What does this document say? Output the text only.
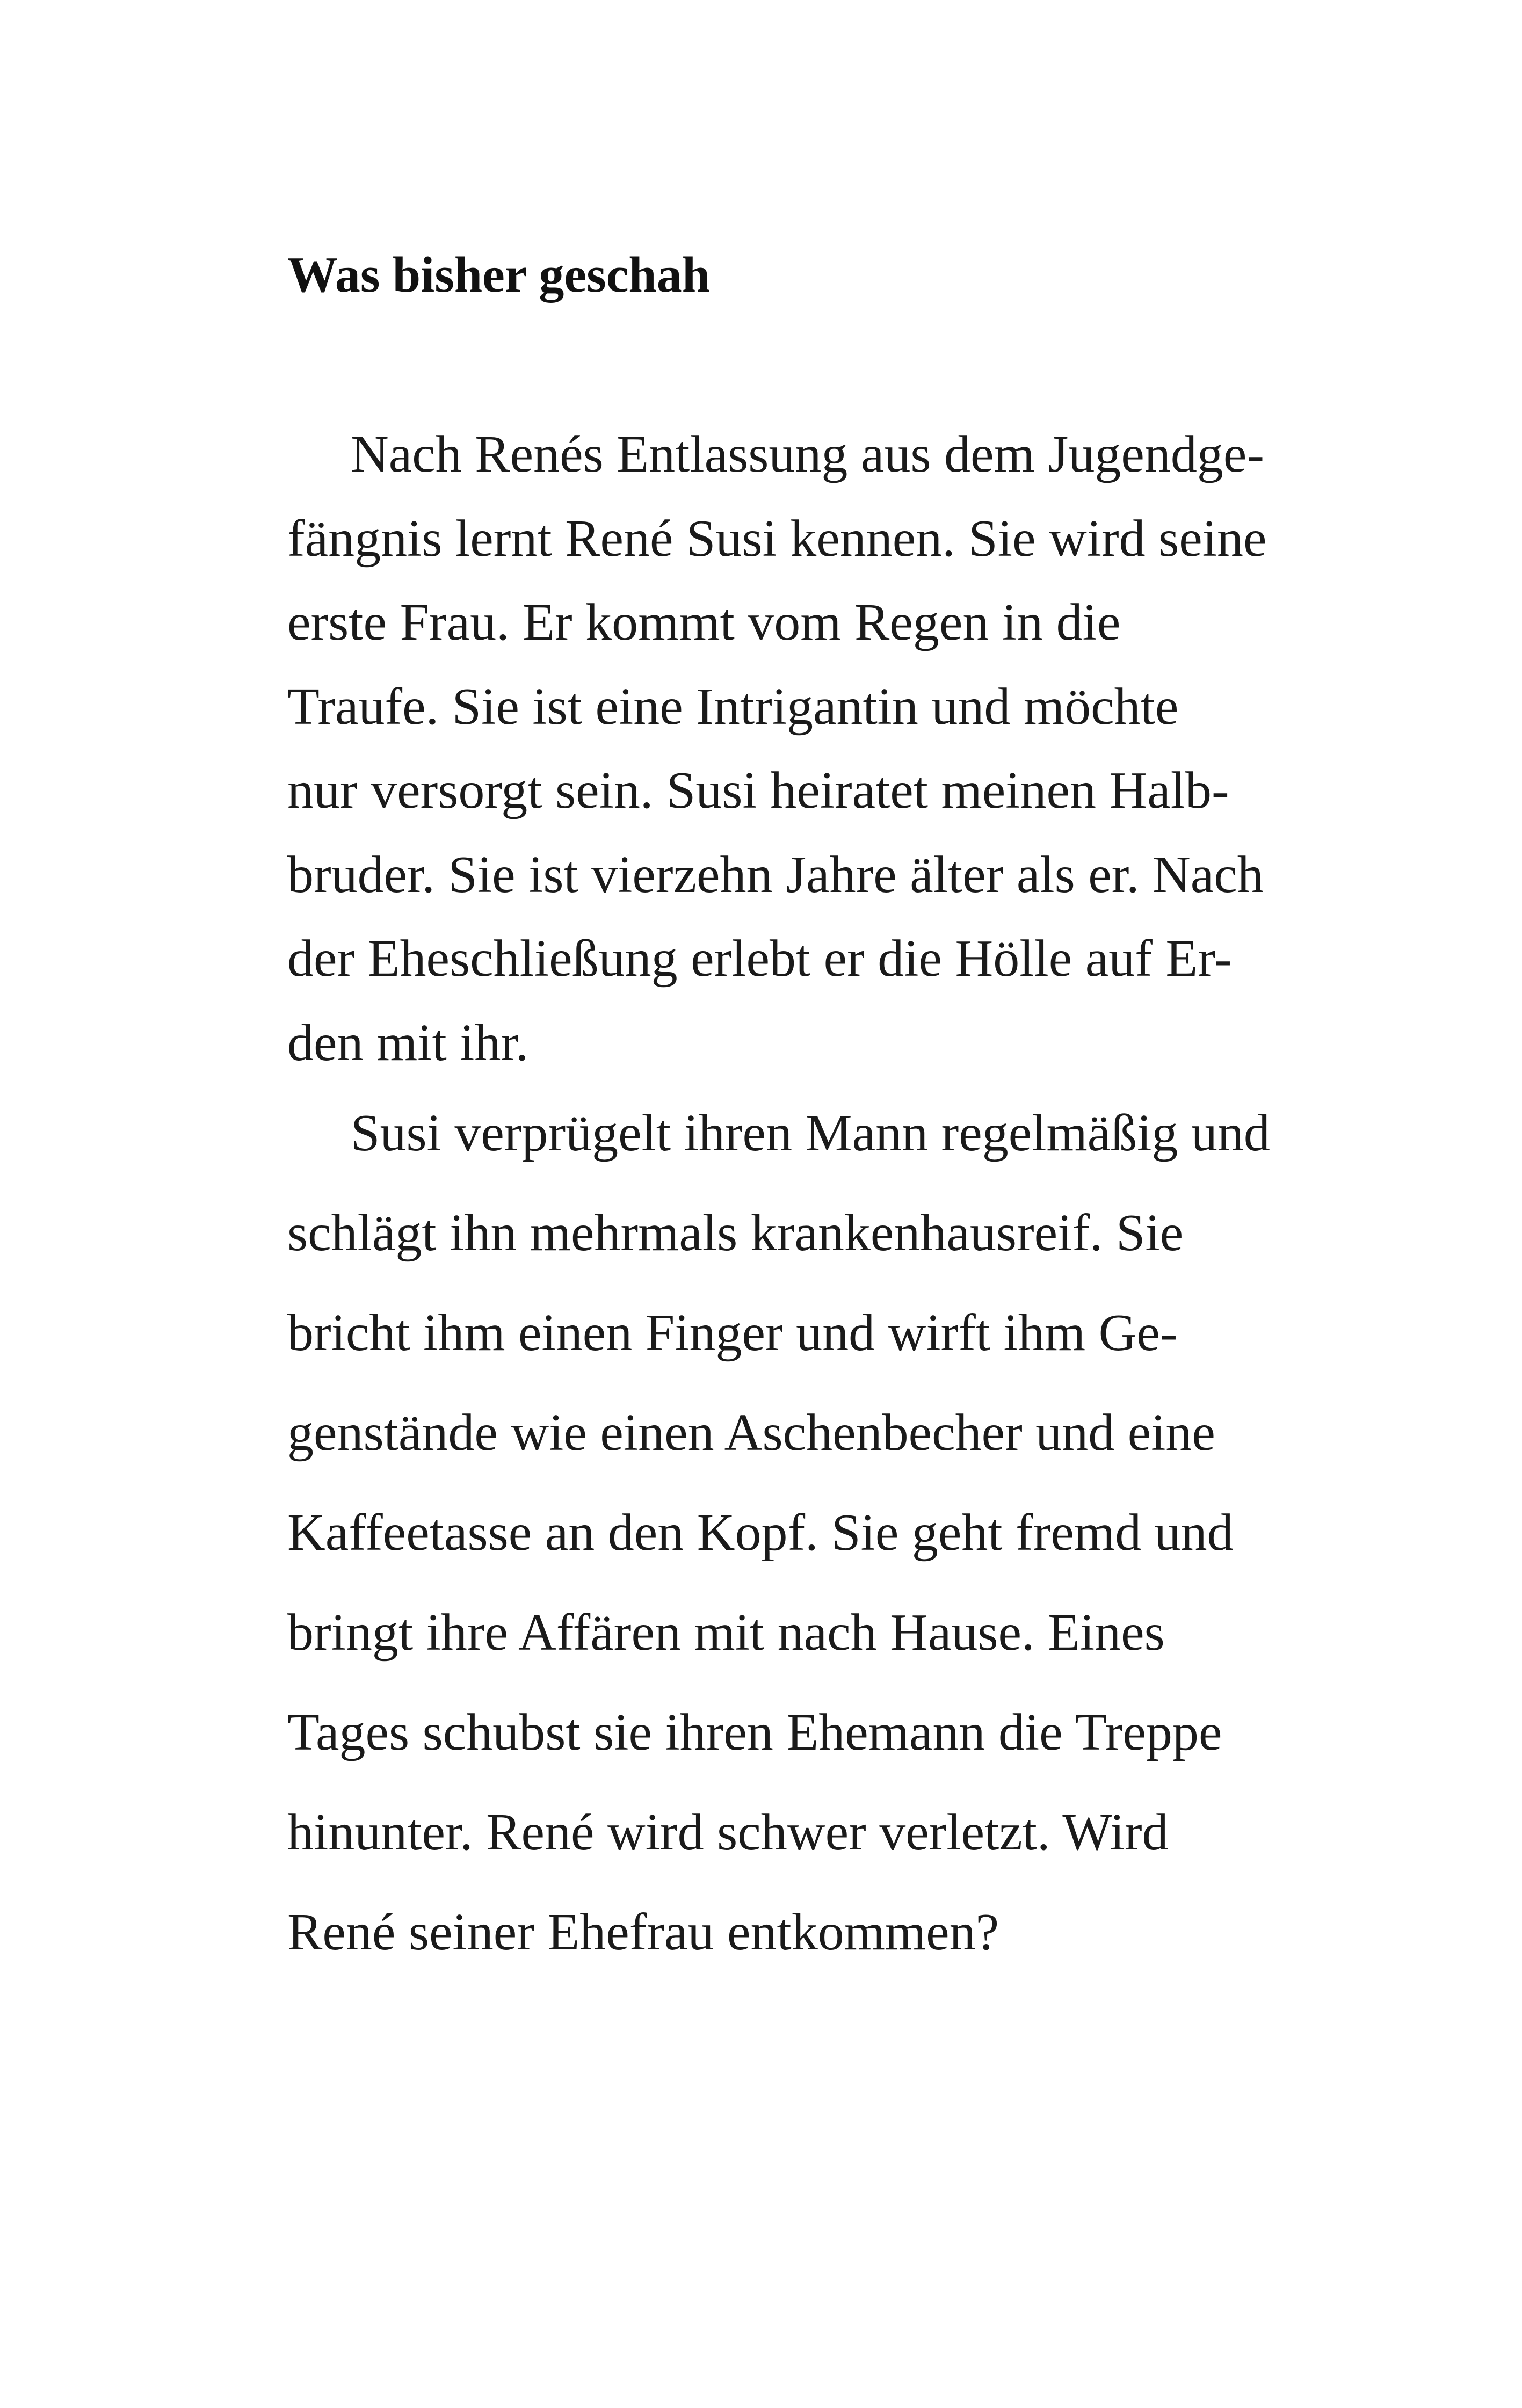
Was bisher geschah

Nach Renés Entlassung aus dem Jugendge-
fängnis lernt René Susi kennen. Sie wird seine
erste Frau. Er kommt vom Regen in die
Traufe. Sie ist eine Intrigantin und möchte
nur versorgt sein. Susi heiratet meinen Halb-
bruder. Sie ist vierzehn Jahre älter als er. Nach
der Eheschließung erlebt er die Hölle auf Er-
den mit ihr.

Susi verprügelt ihren Mann regelmäßig und
schlägt ihn mehrmals krankenhausreif. Sie
bricht ihm einen Finger und wirft ihm Ge-
genstände wie einen Aschenbecher und eine
Kaffeetasse an den Kopf. Sie geht fremd und
bringt ihre Affären mit nach Hause. Eines
Tages schubst sie ihren Ehemann die Treppe
hinunter. René wird schwer verletzt. Wird
René seiner Ehefrau entkommen?
